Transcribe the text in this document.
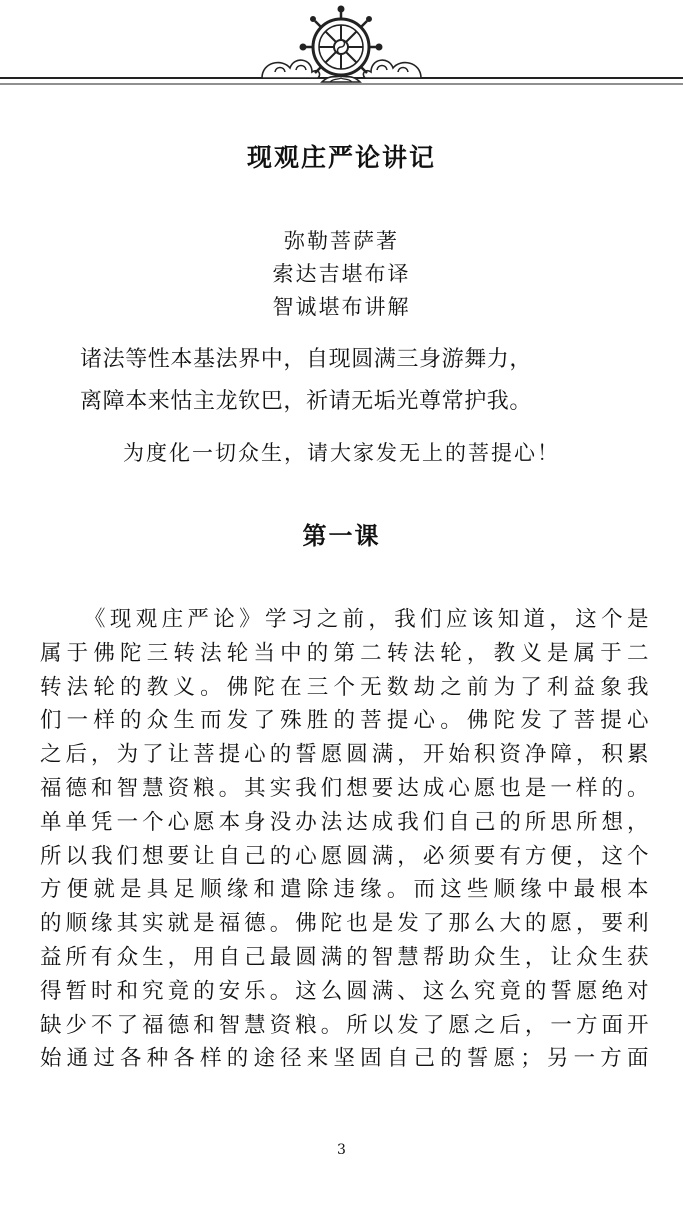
现观庄严论讲记
弥勒菩萨著
索达吉堪布译
智诚堪布讲解
诸法等性本基法界中，自现圆满三身游舞力，
离障本来怙主龙钦巴，祈请无垢光尊常护我。
为度化一切众生，请大家发无上的菩提心！
第一课
《现观庄严论》学习之前，我们应该知道，这个是
属于佛陀三转法轮当中的第二转法轮，教义是属于二
转法轮的教义。佛陀在三个无数劫之前为了利益象我
们一样的众生而发了殊胜的菩提心。佛陀发了菩提心
之后，为了让菩提心的誓愿圆满，开始积资净障，积累
福德和智慧资粮。其实我们想要达成心愿也是一样的。
单单凭一个心愿本身没办法达成我们自己的所思所想，
所以我们想要让自己的心愿圆满，必须要有方便，这个
方便就是具足顺缘和遣除违缘。而这些顺缘中最根本
的顺缘其实就是福德。佛陀也是发了那么大的愿，要利
益所有众生，用自己最圆满的智慧帮助众生，让众生获
得暂时和究竟的安乐。这么圆满、这么究竟的誓愿绝对
缺少不了福德和智慧资粮。所以发了愿之后，一方面开
始通过各种各样的途径来坚固自己的誓愿；另一方面
3
